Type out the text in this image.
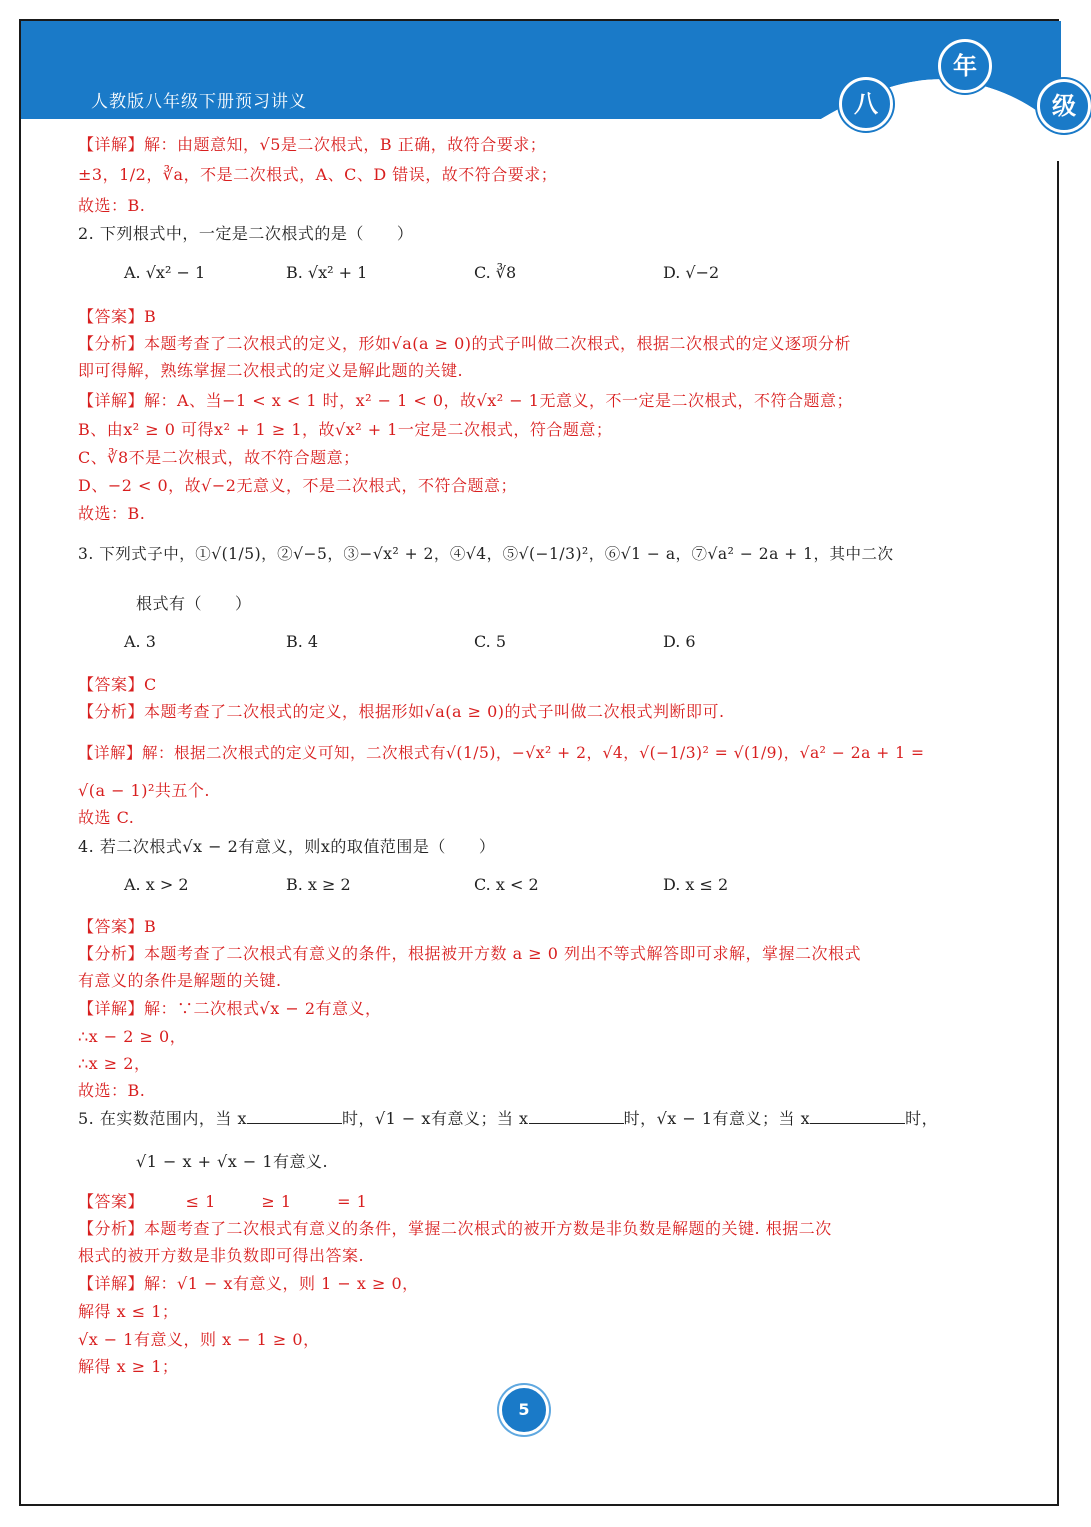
人教版八年级下册预习讲义	八
年
级
5
【详解】解：由题意知，√5是二次根式，B 正确，故符合要求；
±3，1/2，∛a，不是二次根式，A、C、D 错误，故不符合要求；
故选：B.
2. 下列根式中，一定是二次根式的是（　　）
A. √x² − 1	B. √x² + 1	C. ∛8	D. √−2
【答案】B
【分析】本题考查了二次根式的定义，形如√a(a ≥ 0)的式子叫做二次根式，根据二次根式的定义逐项分析
即可得解，熟练掌握二次根式的定义是解此题的关键.
【详解】解：A、当−1 < x < 1 时，x² − 1 < 0，故√x² − 1无意义，不一定是二次根式，不符合题意；
B、由x² ≥ 0 可得x² + 1 ≥ 1，故√x² + 1一定是二次根式，符合题意；
C、∛8不是二次根式，故不符合题意；
D、−2 < 0，故√−2无意义，不是二次根式，不符合题意；
故选：B.
3. 下列式子中，①√(1/5)，②√−5，③−√x² + 2，④√4，⑤√(−1/3)²，⑥√1 − a，⑦√a² − 2a + 1，其中二次
根式有（　　）
A. 3	B. 4	C. 5	D. 6
【答案】C
【分析】本题考查了二次根式的定义，根据形如√a(a ≥ 0)的式子叫做二次根式判断即可.
【详解】解：根据二次根式的定义可知，二次根式有√(1/5)，−√x² + 2，√4，√(−1/3)² = √(1/9)，√a² − 2a + 1 =
√(a − 1)²共五个.
故选 C.
4. 若二次根式√x − 2有意义，则x的取值范围是（　　）
A. x > 2	B. x ≥ 2	C. x < 2	D. x ≤ 2
【答案】B
【分析】本题考查了二次根式有意义的条件，根据被开方数 a ≥ 0 列出不等式解答即可求解，掌握二次根式
有意义的条件是解题的关键.
【详解】解：∵二次根式√x − 2有意义，
∴x − 2 ≥ 0，
∴x ≥ 2，
故选：B.
5. 在实数范围内，当 x	时，√1 − x有意义；当 x	时，√x − 1有意义；当 x	时，
√1 − x + √x − 1有意义.
【答案】	≤ 1	≥ 1	= 1
【分析】本题考查了二次根式有意义的条件，掌握二次根式的被开方数是非负数是解题的关键. 根据二次
根式的被开方数是非负数即可得出答案.
【详解】解：√1 − x有意义，则 1 − x ≥ 0，
解得 x ≤ 1；
√x − 1有意义，则 x − 1 ≥ 0，
解得 x ≥ 1；
